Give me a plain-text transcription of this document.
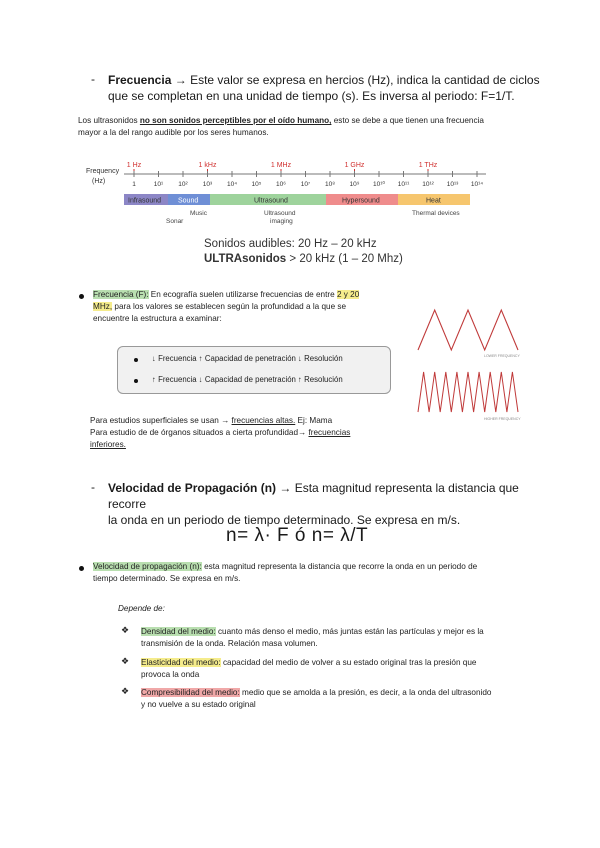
- Frecuencia → Este valor se expresa en hercios (Hz), indica la cantidad de ciclos
que se completan en una unidad de tiempo (s). Es inversa al periodo: F=1/T.
Los ultrasonidos no son sonidos perceptibles por el oído humano, esto se debe a que tienen una frecuencia
mayor a la del rango audible por los seres humanos.
Frequency
(Hz)
1 Hz	1 kHz	1 MHz	1 GHz	1 THz
1	10¹ 10² 10³ 10⁴ 10⁵ 10⁶ 10⁷ 10⁸ 10⁹ 10¹⁰ 10¹¹ 10¹² 10¹³ 10¹⁴
Infrasound Sound	Ultrasound	Hypersound	Heat
Sonar
Music	Ultrasound
imaging
Thermal devices
Sonidos audibles: 20 Hz – 20 kHz
ULTRAsonidos > 20 kHz (1 – 20 Mhz)
Frecuencia (F): En ecografía suelen utilizarse frecuencias de entre 2 y 20
MHz, para los valores se establecen según la profundidad a la que se
encuentre la estructura a examinar:
↓ Frecuencia ↑ Capacidad de penetración ↓ Resolución
↑ Frecuencia ↓ Capacidad de penetración ↑ Resolución
LOWER FREQUENCY
HIGHER FREQUENCY
Para estudios superficiales se usan → frecuencias altas. Ej: Mama
Para estudio de de órganos situados a cierta profundidad→ frecuencias
inferiores.
- Velocidad de Propagación (n) → Esta magnitud representa la distancia que recorre
la onda en un periodo de tiempo determinado. Se expresa en m/s.
n= λ· F ó n= λ/T
Velocidad de propagación (n): esta magnitud representa la distancia que recorre la onda en un periodo de
tiempo determinado. Se expresa en m/s.
Depende de:
❖ Densidad del medio: cuanto más denso el medio, más juntas están las partículas y mejor es la
transmisión de la onda. Relación masa volumen.
❖ Elasticidad del medio: capacidad del medio de volver a su estado original tras la presión que
provoca la onda
❖ Compresibilidad del medio: medio que se amolda a la presión, es decir, a la onda del ultrasonido
y no vuelve a su estado original
